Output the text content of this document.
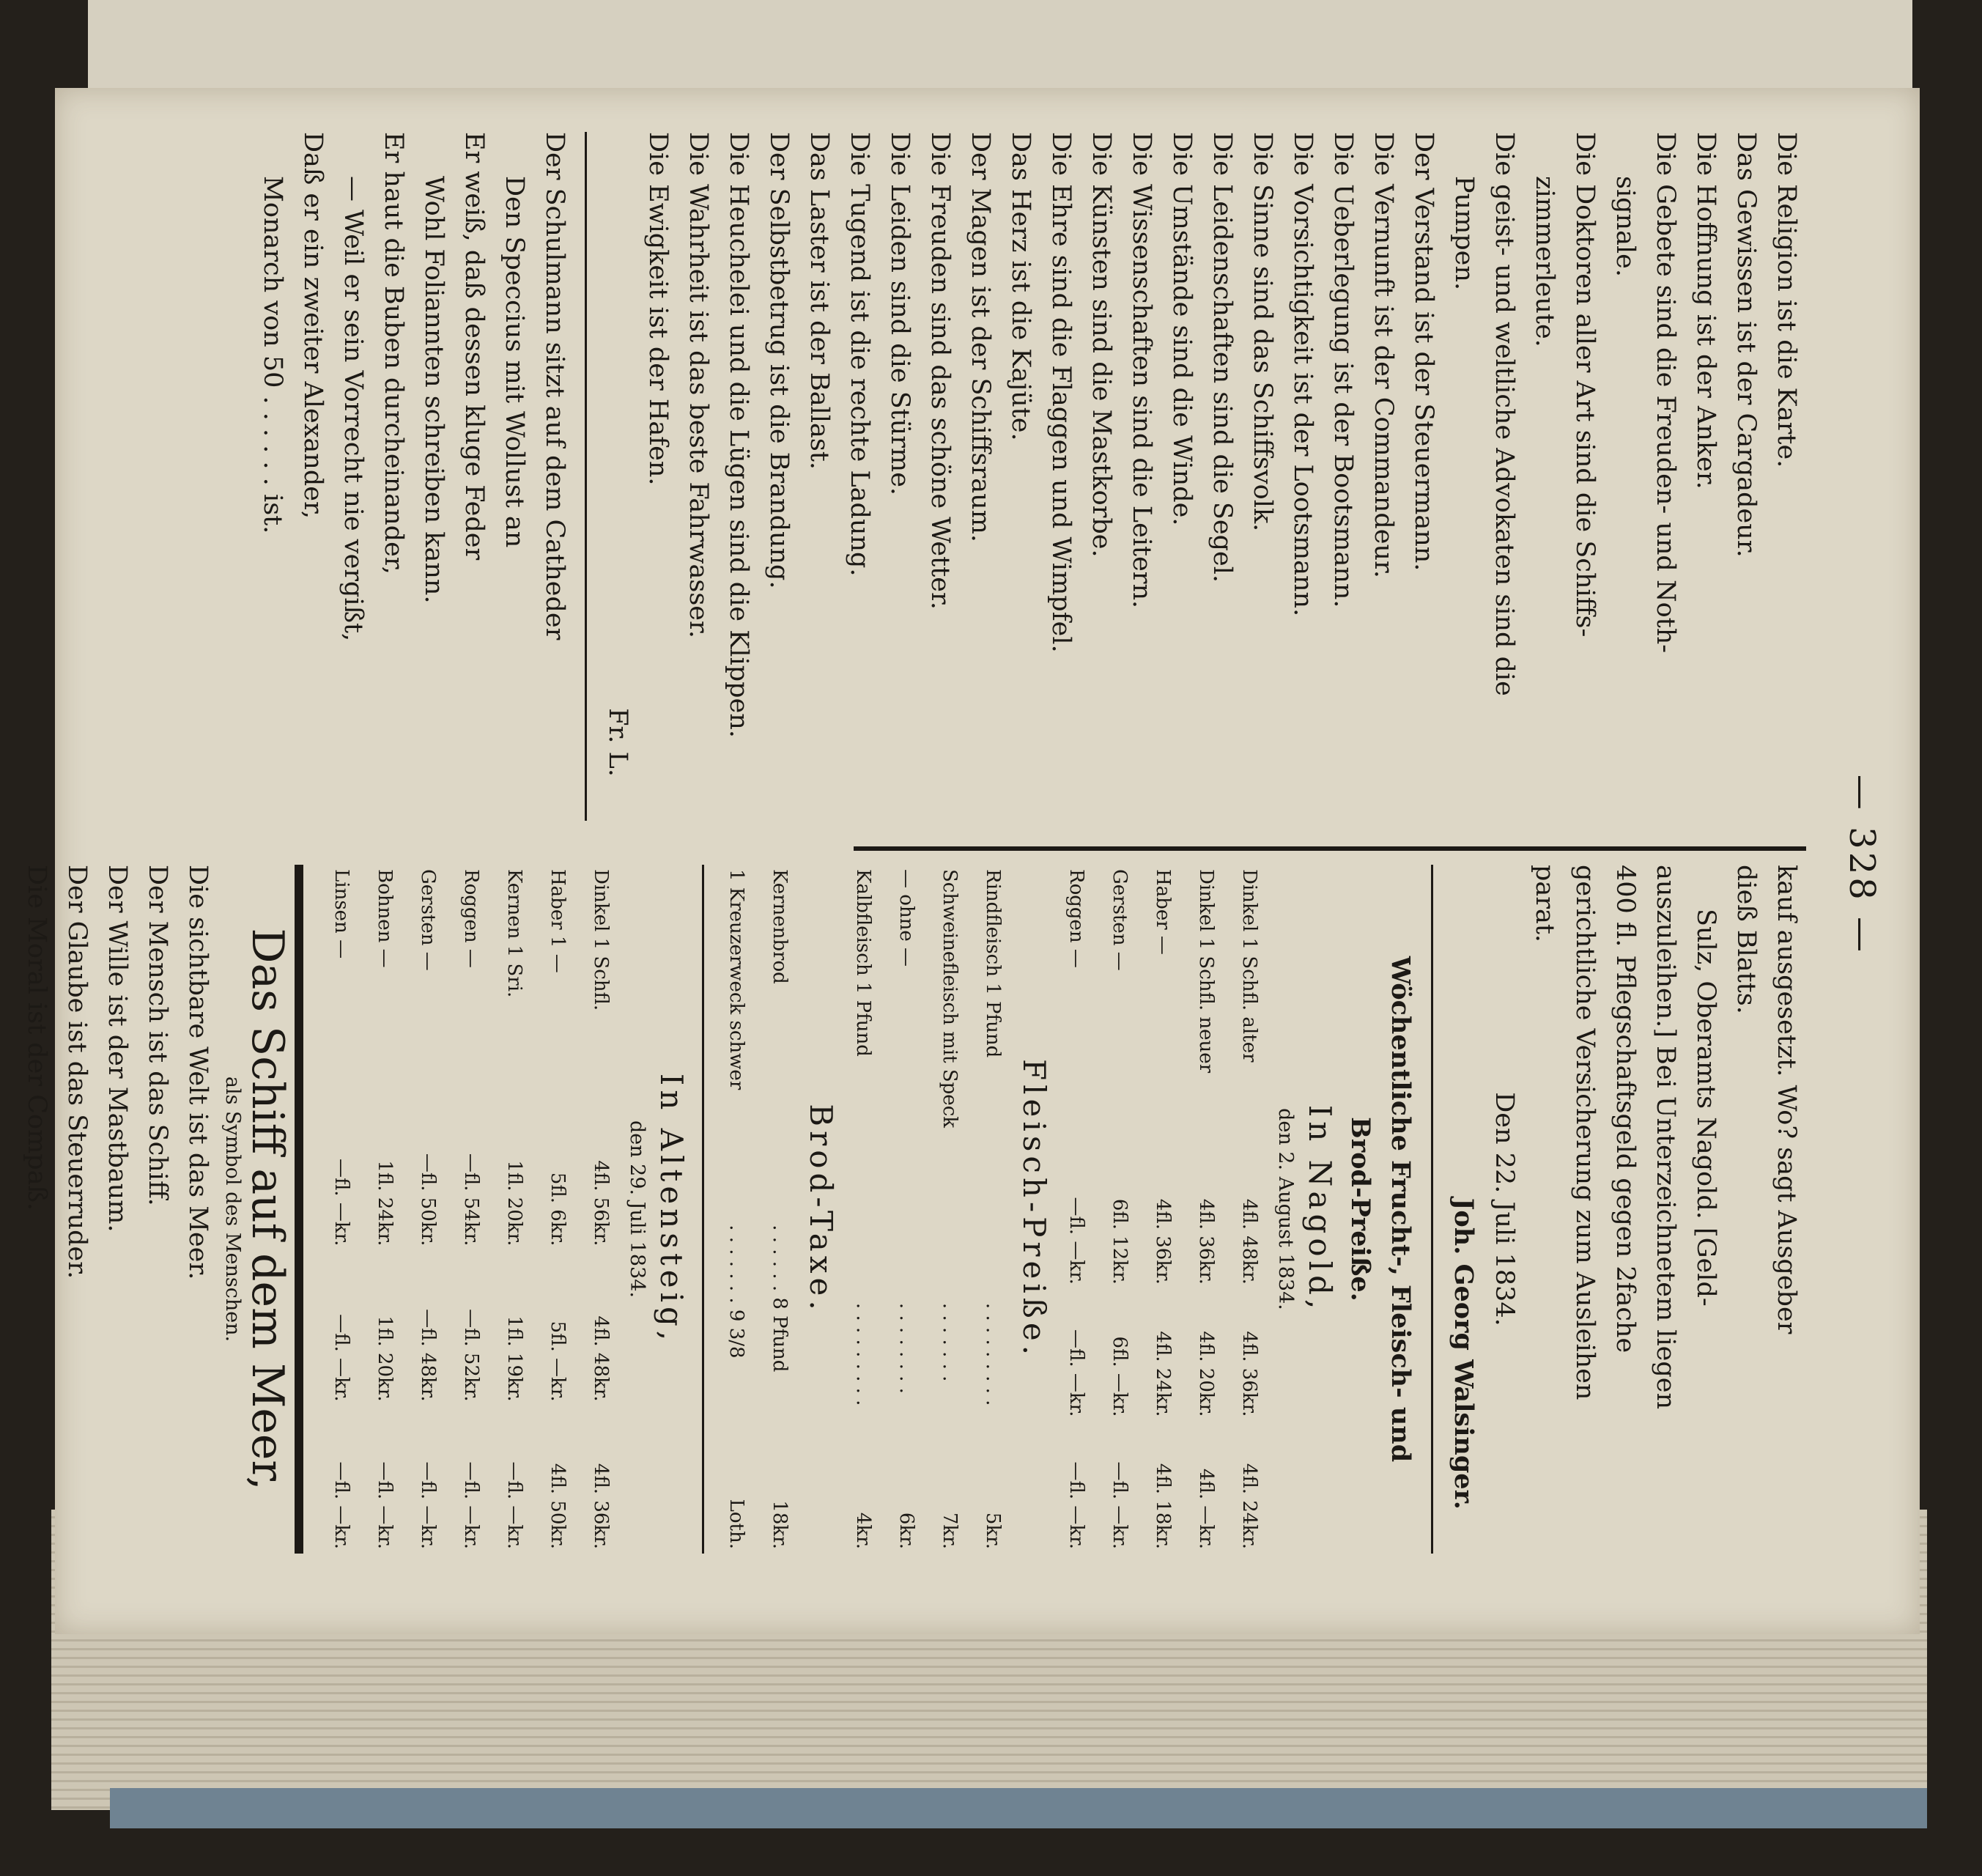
— 328 —

kauf ausgesetzt. Wo? sagt Ausgeber

dieß Blatts.

Sulz, Oberamts Nagold. [Geld-

auszuleihen.] Bei Unterzeichnetem liegen

400 fl. Pflegschaftsgeld gegen 2fache

gerichtliche Versicherung zum Ausleihen

parat.

Den 22. Juli 1834.

Joh. Georg Walsinger.

Wöchentliche Frucht-, Fleisch- und

Brod-Preiße.

In Nagold,

den 2. August 1834.

Dinkel 1 Schfl. alter	4fl. 48kr.	4fl. 36kr.	4fl. 24kr.
Dinkel 1 Schfl. neuer	4fl. 36kr.	4fl. 20kr.	4fl. —kr.
Haber —	4fl. 36kr.	4fl. 24kr.	4fl. 18kr.
Gersten —	6fl. 12kr.	6fl. —kr.	—fl. —kr.
Roggen —	—fl. —kr.	—fl. —kr.	—fl. —kr.

Fleisch-Preiße.

Rindfleisch 1 Pfund	. . . . . . . . .	5kr.
Schweinefleisch mit Speck	. . . . . . .	7kr.
— ohne —	. . . . . . . .	6kr.
Kalbfleisch 1 Pfund	. . . . . . . . .	4kr.

Brod-Taxe.

Kernenbrod	. . . . . . 8 Pfund	18kr.
1 Kreuzerweck schwer	. . . . . . . 9 3/8	Loth.

In Altensteig,

den 29. Juli 1834.

Dinkel 1 Schfl.	4fl. 56kr.	4fl. 48kr.	4fl. 36kr.
Haber 1 —	5fl. 6kr.	5fl. —kr.	4fl. 50kr.
Kernen 1 Sri.	1fl. 20kr.	1fl. 19kr.	—fl. —kr.
Roggen —	—fl. 54kr.	—fl. 52kr.	—fl. —kr.
Gersten —	—fl. 50kr.	—fl. 48kr.	—fl. —kr.
Bohnen —	1fl. 24kr.	1fl. 20kr.	—fl. —kr.
Linsen —	—fl. —kr.	—fl. —kr.	—fl. —kr.

Das Schiff auf dem Meer,

als Symbol des Menschen.

Die sichtbare Welt ist das Meer.

Der Mensch ist das Schiff.

Der Wille ist der Mastbaum.

Der Glaube ist das Steuerruder.

Die Moral ist der Compaß.

Die Religion ist die Karte.

Das Gewissen ist der Cargadeur.

Die Hoffnung ist der Anker.

Die Gebete sind die Freuden- und Noth-

signale.

Die Doktoren aller Art sind die Schiffs-

zimmerleute.

Die geist- und weltliche Advokaten sind die

Pumpen.

Der Verstand ist der Steuermann.

Die Vernunft ist der Commandeur.

Die Ueberlegung ist der Bootsmann.

Die Vorsichtigkeit ist der Lootsmann.

Die Sinne sind das Schiffsvolk.

Die Leidenschaften sind die Segel.

Die Umstände sind die Winde.

Die Wissenschaften sind die Leitern.

Die Künsten sind die Mastkorbe.

Die Ehre sind die Flaggen und Wimpfel.

Das Herz ist die Kajüte.

Der Magen ist der Schiffsraum.

Die Freuden sind das schöne Wetter.

Die Leiden sind die Stürme.

Die Tugend ist die rechte Ladung.

Das Laster ist der Ballast.

Der Selbstbetrug ist die Brandung.

Die Heuchelei und die Lügen sind die Klippen.

Die Wahrheit ist das beste Fahrwasser.

Die Ewigkeit ist der Hafen.

Fr. L.

Der Schulmann sitzt auf dem Catheder

Den Speccius mit Wollust an

Er weiß, daß dessen kluge Feder

Wohl Foliannten schreiben kann.

Er haut die Buben durcheinander,

— Weil er sein Vorrecht nie vergißt,

Daß er ein zweiter Alexander,

Monarch von 50 . . . . . . ist.
